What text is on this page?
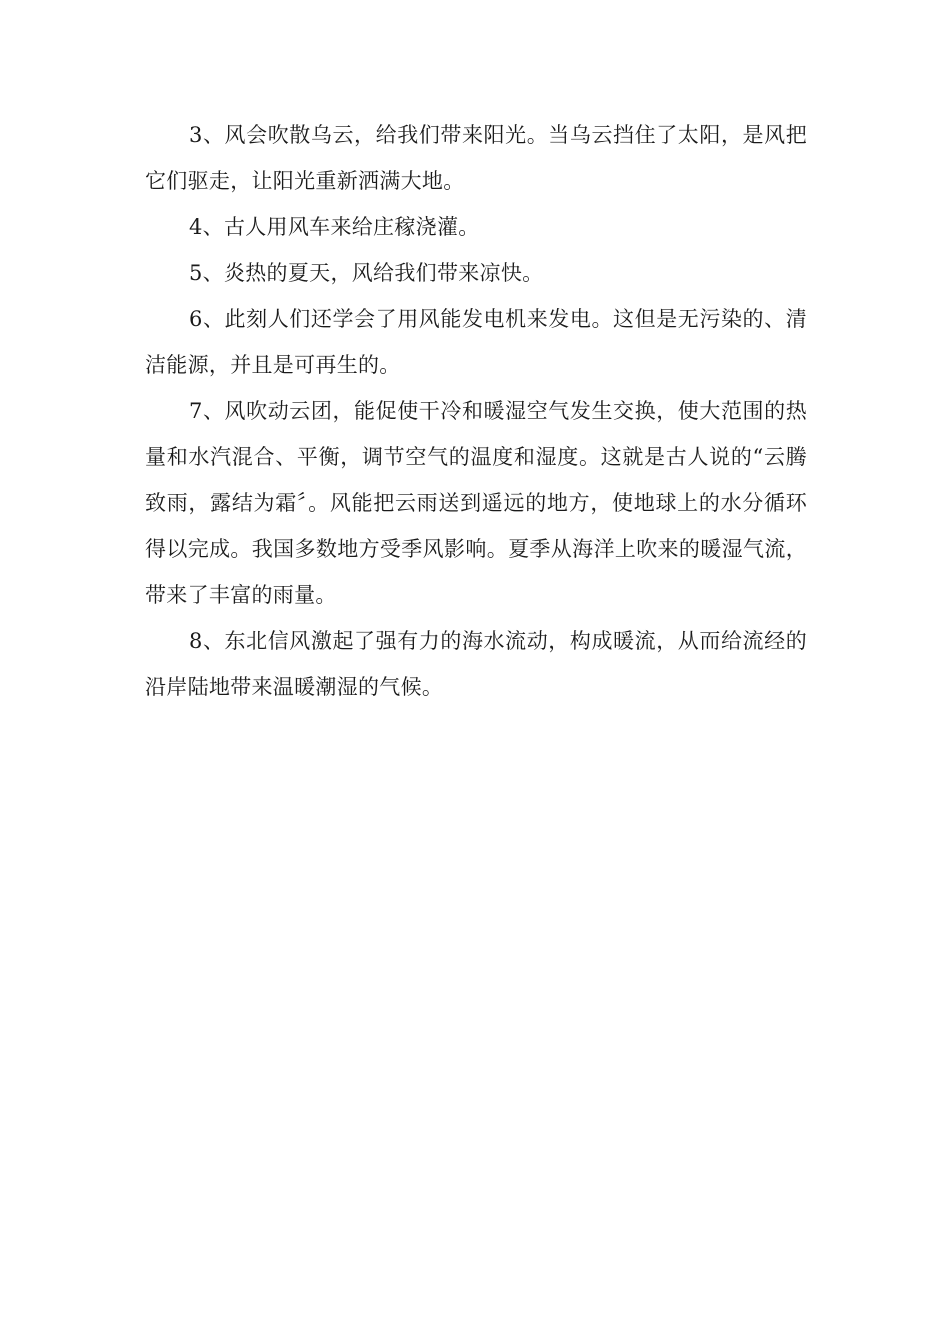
3、风会吹散乌云，给我们带来阳光。当乌云挡住了太阳，是风把它们驱走，让阳光重新洒满大地。

4、古人用风车来给庄稼浇灌。

5、炎热的夏天，风给我们带来凉快。

6、此刻人们还学会了用风能发电机来发电。这但是无污染的、清洁能源，并且是可再生的。

7、风吹动云团，能促使干冷和暖湿空气发生交换，使大范围的热量和水汽混合、平衡，调节空气的温度和湿度。这就是古人说的“云腾致雨，露结为霜〞。风能把云雨送到遥远的地方，使地球上的水分循环得以完成。我国多数地方受季风影响。夏季从海洋上吹来的暖湿气流，带来了丰富的雨量。

8、东北信风激起了强有力的海水流动，构成暖流，从而给流经的沿岸陆地带来温暖潮湿的气候。
